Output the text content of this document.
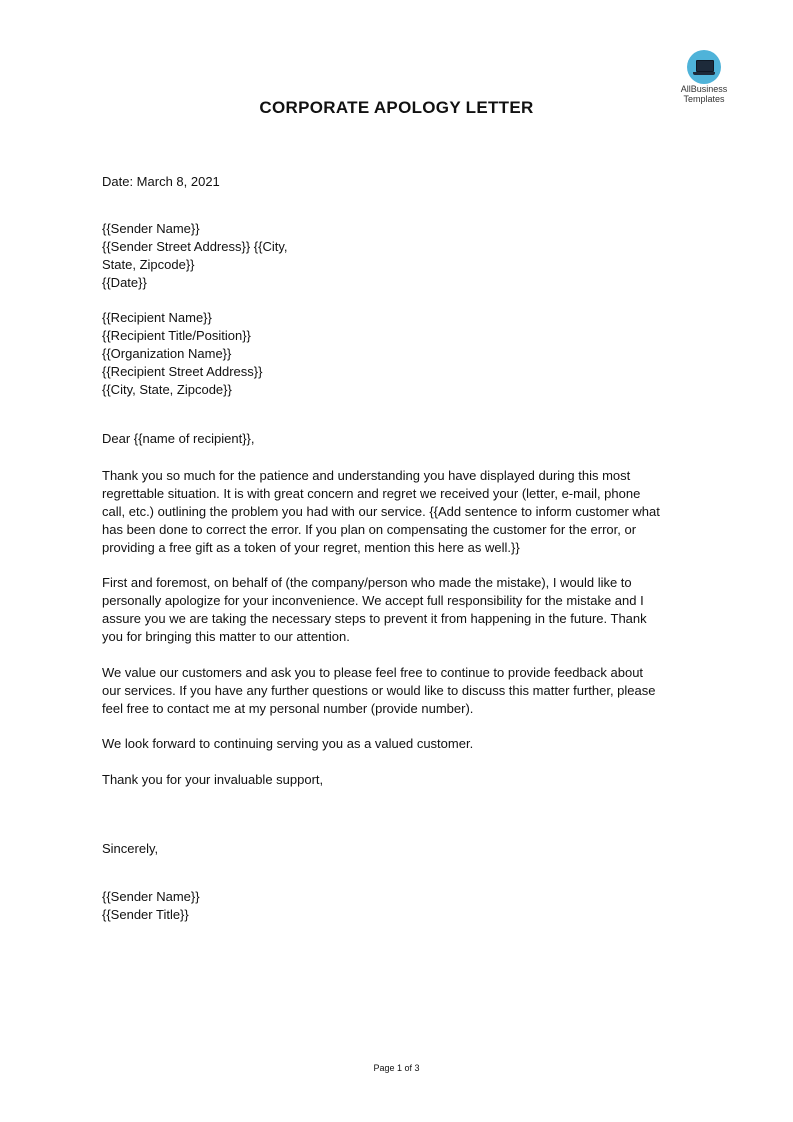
AllBusiness
Templates
CORPORATE APOLOGY LETTER
Date: March 8, 2021
{{Sender Name}}
{{Sender Street Address}} {{City,
State, Zipcode}}
{{Date}}
{{Recipient Name}}
{{Recipient Title/Position}}
{{Organization Name}}
{{Recipient Street Address}}
{{City, State, Zipcode}}
Dear {{name of recipient}},
Thank you so much for the patience and understanding you have displayed during this most
regrettable situation. It is with great concern and regret we received your (letter, e-mail, phone
call, etc.) outlining the problem you had with our service. {{Add sentence to inform customer what
has been done to correct the error. If you plan on compensating the customer for the error, or
providing a free gift as a token of your regret, mention this here as well.}}
First and foremost, on behalf of (the company/person who made the mistake), I would like to
personally apologize for your inconvenience. We accept full responsibility for the mistake and I
assure you we are taking the necessary steps to prevent it from happening in the future. Thank
you for bringing this matter to our attention.
We value our customers and ask you to please feel free to continue to provide feedback about
our services. If you have any further questions or would like to discuss this matter further, please
feel free to contact me at my personal number (provide number).
We look forward to continuing serving you as a valued customer.
Thank you for your invaluable support,
Sincerely,
{{Sender Name}}
{{Sender Title}}
Page 1 of 3
